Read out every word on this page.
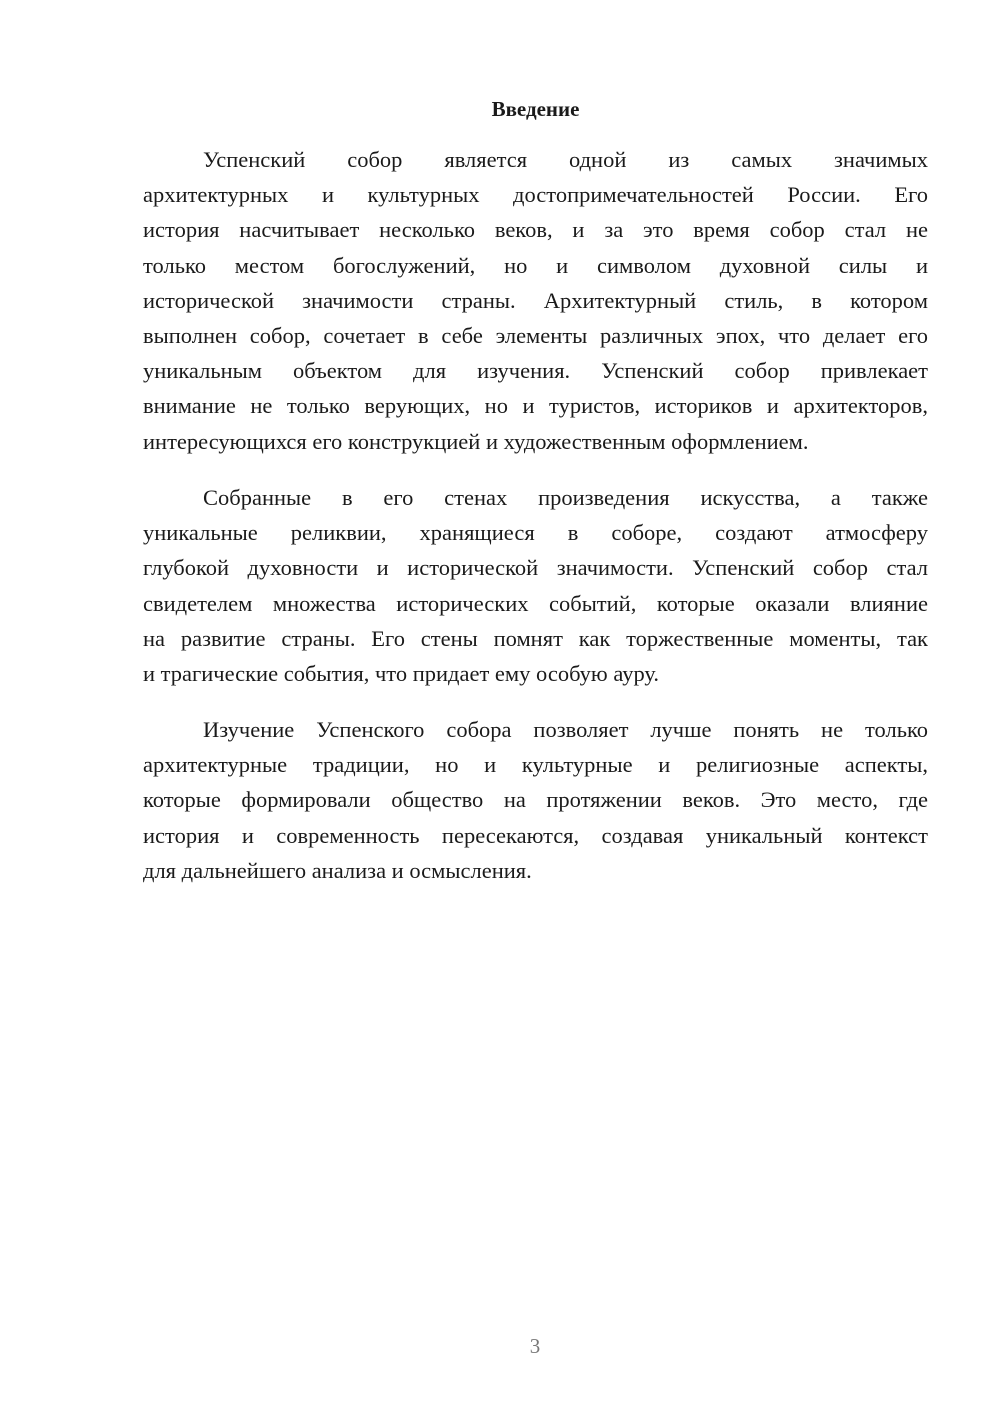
Введение
Успенский собор является одной из самых значимых
архитектурных и культурных достопримечательностей России. Его
история насчитывает несколько веков, и за это время собор стал не
только местом богослужений, но и символом духовной силы и
исторической значимости страны. Архитектурный стиль, в котором
выполнен собор, сочетает в себе элементы различных эпох, что делает его
уникальным объектом для изучения. Успенский собор привлекает
внимание не только верующих, но и туристов, историков и архитекторов,
интересующихся его конструкцией и художественным оформлением.
Собранные в его стенах произведения искусства, а также
уникальные реликвии, хранящиеся в соборе, создают атмосферу
глубокой духовности и исторической значимости. Успенский собор стал
свидетелем множества исторических событий, которые оказали влияние
на развитие страны. Его стены помнят как торжественные моменты, так
и трагические события, что придает ему особую ауру.
Изучение Успенского собора позволяет лучше понять не только
архитектурные традиции, но и культурные и религиозные аспекты,
которые формировали общество на протяжении веков. Это место, где
история и современность пересекаются, создавая уникальный контекст
для дальнейшего анализа и осмысления.
3
